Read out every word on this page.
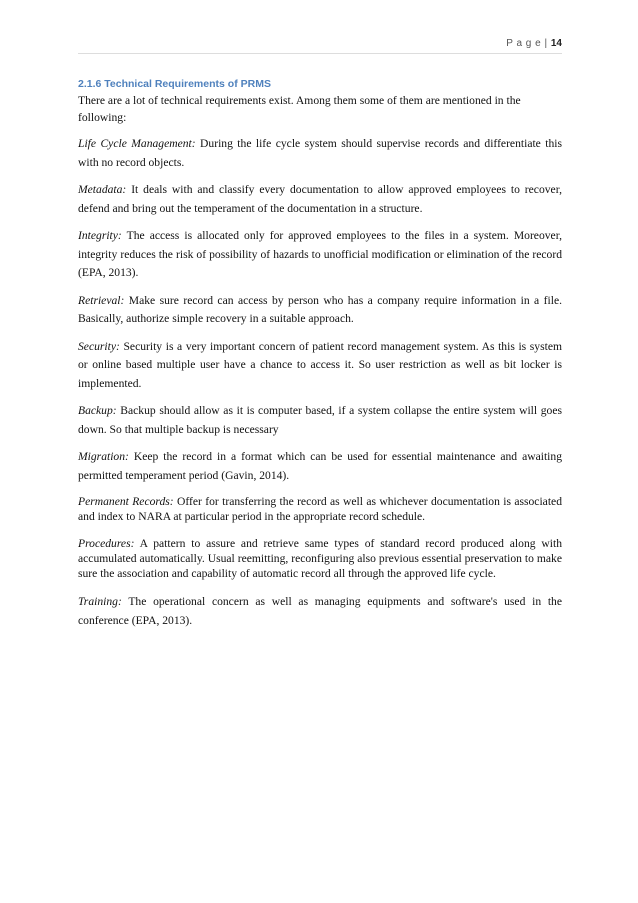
P a g e | 14
2.1.6 Technical Requirements of PRMS

There are a lot of technical requirements exist. Among them some of them are mentioned in the following:

Life Cycle Management: During the life cycle system should supervise records and differentiate this with no record objects.

Metadata: It deals with and classify every documentation to allow approved employees to recover, defend and bring out the temperament of the documentation in a structure.

Integrity: The access is allocated only for approved employees to the files in a system. Moreover, integrity reduces the risk of possibility of hazards to unofficial modification or elimination of the record (EPA, 2013).

Retrieval: Make sure record can access by person who has a company require information in a file. Basically, authorize simple recovery in a suitable approach.

Security: Security is a very important concern of patient record management system. As this is system or online based multiple user have a chance to access it. So user restriction as well as bit locker is implemented.

Backup: Backup should allow as it is computer based, if a system collapse the entire system will goes down. So that multiple backup is necessary

Migration: Keep the record in a format which can be used for essential maintenance and awaiting permitted temperament period (Gavin, 2014).

Permanent Records: Offer for transferring the record as well as whichever documentation is associated and index to NARA at particular period in the appropriate record schedule.

Procedures: A pattern to assure and retrieve same types of standard record produced along with accumulated automatically. Usual reemitting, reconfiguring also previous essential preservation to make sure the association and capability of automatic record all through the approved life cycle.

Training: The operational concern as well as managing equipments and software's used in the conference (EPA, 2013).
